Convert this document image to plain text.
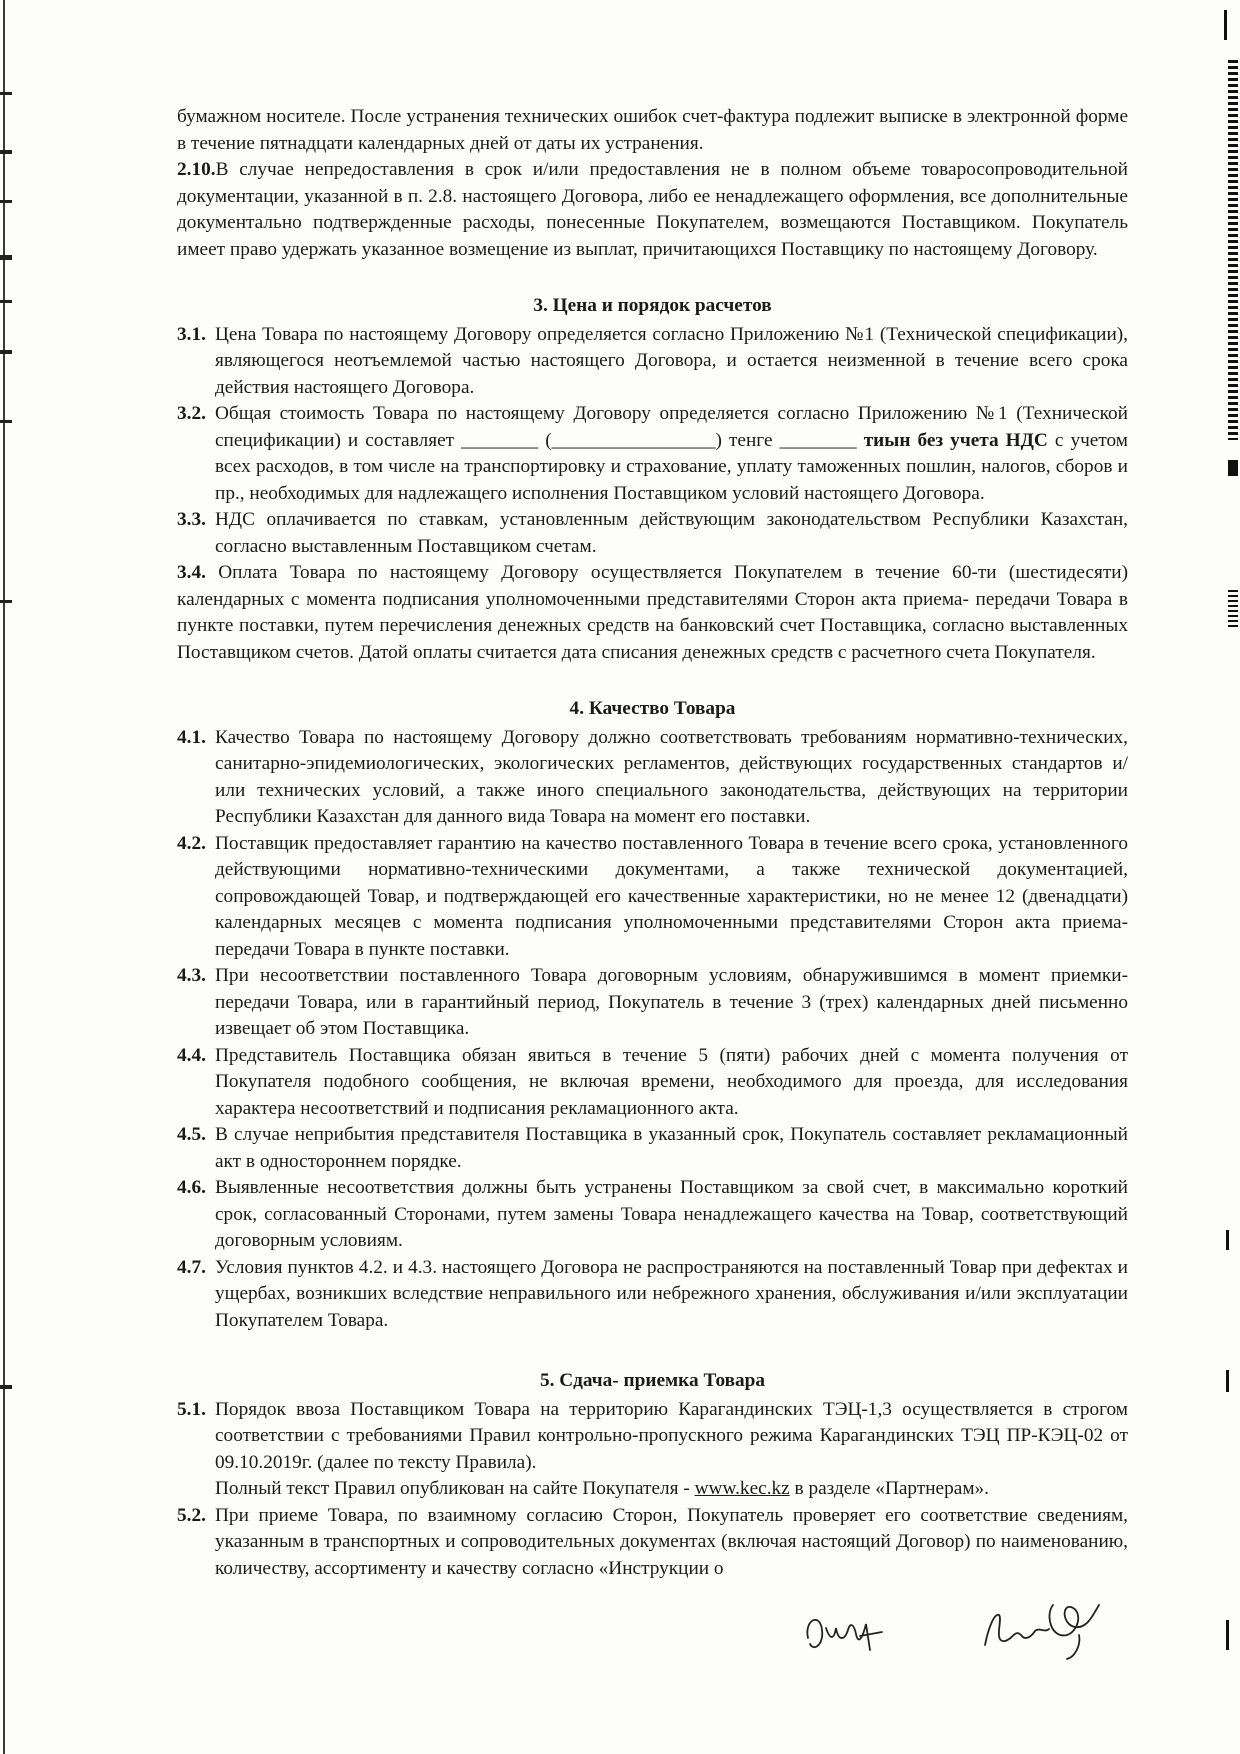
бумажном носителе. После устранения технических ошибок счет-фактура подлежит выписке в электронной форме в течение пятнадцати календарных дней от даты их устранения.

2.10.В случае непредоставления в срок и/или предоставления не в полном объеме товаросопроводительной документации, указанной в п. 2.8. настоящего Договора, либо ее ненадлежащего оформления, все дополнительные документально подтвержденные расходы, понесенные Покупателем, возмещаются Поставщиком. Покупатель имеет право удержать указанное возмещение из выплат, причитающихся Поставщику по настоящему Договору.

3. Цена и порядок расчетов
3.1. Цена Товара по настоящему Договору определяется согласно Приложению №1 (Технической спецификации), являющегося неотъемлемой частью настоящего Договора, и остается неизменной в течение всего срока действия настоящего Договора.
3.2. Общая стоимость Товара по настоящему Договору определяется согласно Приложению №1 (Технической спецификации) и составляет ________ (_________________) тенге ________ тиын без учета НДС с учетом всех расходов, в том числе на транспортировку и страхование, уплату таможенных пошлин, налогов, сборов и пр., необходимых для надлежащего исполнения Поставщиком условий настоящего Договора.
3.3. НДС оплачивается по ставкам, установленным действующим законодательством Республики Казахстан, согласно выставленным Поставщиком счетам.

3.4. Оплата Товара по настоящему Договору осуществляется Покупателем в течение 60-ти (шестидесяти) календарных с момента подписания уполномоченными представителями Сторон акта приема- передачи Товара в пункте поставки, путем перечисления денежных средств на банковский счет Поставщика, согласно выставленных Поставщиком счетов. Датой оплаты считается дата списания денежных средств с расчетного счета Покупателя.

4. Качество Товара
4.1. Качество Товара по настоящему Договору должно соответствовать требованиям нормативно-технических, санитарно-эпидемиологических, экологических регламентов, действующих государственных стандартов и/или технических условий, а также иного специального законодательства, действующих на территории Республики Казахстан для данного вида Товара на момент его поставки.
4.2. Поставщик предоставляет гарантию на качество поставленного Товара в течение всего срока, установленного действующими нормативно-техническими документами, а также технической документацией, сопровождающей Товар, и подтверждающей его качественные характеристики, но не менее 12 (двенадцати) календарных месяцев с момента подписания уполномоченными представителями Сторон акта приема-передачи Товара в пункте поставки.
4.3. При несоответствии поставленного Товара договорным условиям, обнаружившимся в момент приемки-передачи Товара, или в гарантийный период, Покупатель в течение 3 (трех) календарных дней письменно извещает об этом Поставщика.
4.4. Представитель Поставщика обязан явиться в течение 5 (пяти) рабочих дней с момента получения от Покупателя подобного сообщения, не включая времени, необходимого для проезда, для исследования характера несоответствий и подписания рекламационного акта.
4.5. В случае неприбытия представителя Поставщика в указанный срок, Покупатель составляет рекламационный акт в одностороннем порядке.
4.6. Выявленные несоответствия должны быть устранены Поставщиком за свой счет, в максимально короткий срок, согласованный Сторонами, путем замены Товара ненадлежащего качества на Товар, соответствующий договорным условиям.
4.7. Условия пунктов 4.2. и 4.3. настоящего Договора не распространяются на поставленный Товар при дефектах и ущербах, возникших вследствие неправильного или небрежного хранения, обслуживания и/или эксплуатации Покупателем Товара.
5. Сдача- приемка Товара
5.1. Порядок ввоза Поставщиком Товара на территорию Карагандинских ТЭЦ-1,3 осуществляется в строгом соответствии с требованиями Правил контрольно-пропускного режима Карагандинских ТЭЦ ПР-КЭЦ-02 от 09.10.2019г. (далее по тексту Правила).
Полный текст Правил опубликован на сайте Покупателя - www.kec.kz в разделе «Партнерам».
5.2. При приеме Товара, по взаимному согласию Сторон, Покупатель проверяет его соответствие сведениям, указанным в транспортных и сопроводительных документах (включая настоящий Договор) по наименованию, количеству, ассортименту и качеству согласно «Инструкции о
